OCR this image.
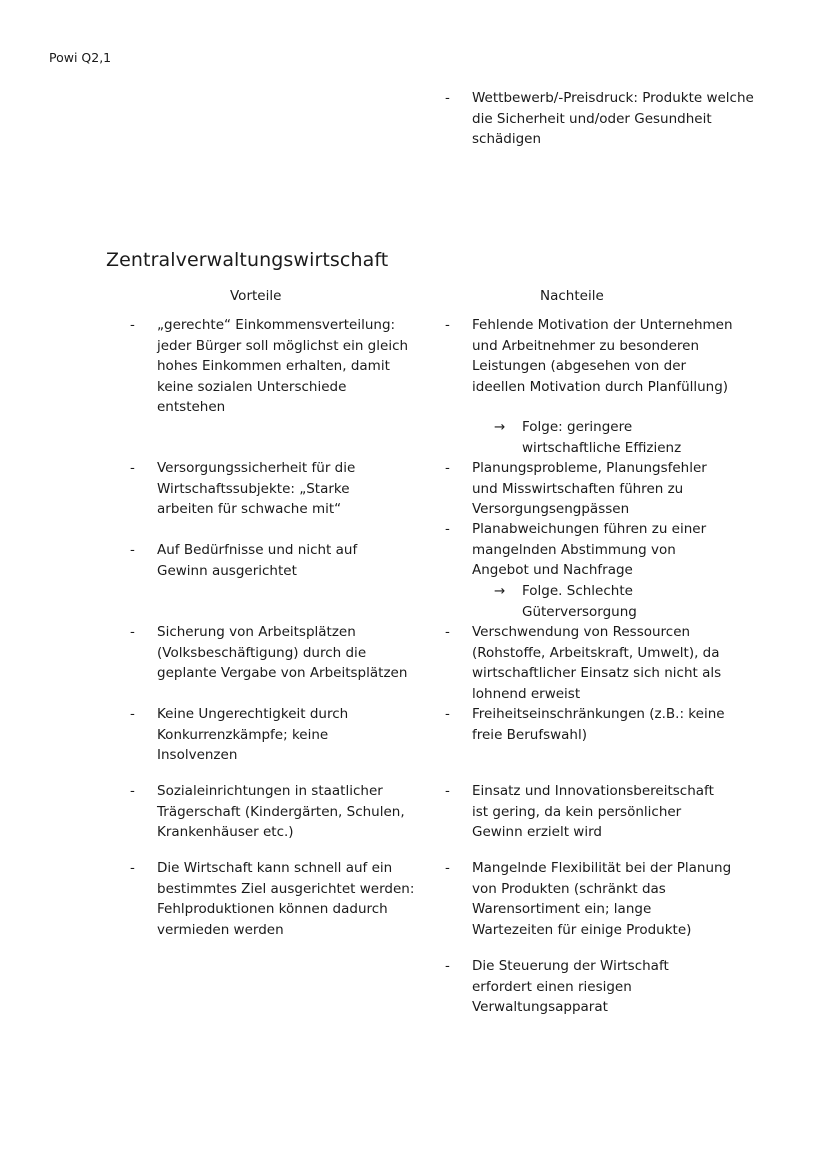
Powi Q2,1
- Wettbewerb/-Preisdruck: Produkte welche die Sicherheit und/oder Gesundheit schädigen
Zentralverwaltungswirtschaft
Vorteile	Nachteile
- „gerechte“ Einkommensverteilung: jeder Bürger soll möglichst ein gleich hohes Einkommen erhalten, damit keine sozialen Unterschiede entstehen
- Versorgungssicherheit für die Wirtschaftssubjekte: „Starke arbeiten für schwache mit“
- Auf Bedürfnisse und nicht auf Gewinn ausgerichtet
- Sicherung von Arbeitsplätzen (Volksbeschäftigung) durch die geplante Vergabe von Arbeitsplätzen
- Keine Ungerechtigkeit durch Konkurrenzkämpfe; keine Insolvenzen
- Sozialeinrichtungen in staatlicher Trägerschaft (Kindergärten, Schulen, Krankenhäuser etc.)
- Die Wirtschaft kann schnell auf ein bestimmtes Ziel ausgerichtet werden: Fehlproduktionen können dadurch vermieden werden
- Fehlende Motivation der Unternehmen und Arbeitnehmer zu besonderen Leistungen (abgesehen von der ideellen Motivation durch Planfüllung)
→ Folge: geringere wirtschaftliche Effizienz
- Planungsprobleme, Planungsfehler und Misswirtschaften führen zu Versorgungsengpässen
- Planabweichungen führen zu einer mangelnden Abstimmung von Angebot und Nachfrage
→ Folge. Schlechte Güterversorgung
- Verschwendung von Ressourcen (Rohstoffe, Arbeitskraft, Umwelt), da wirtschaftlicher Einsatz sich nicht als lohnend erweist
- Freiheitseinschränkungen (z.B.: keine freie Berufswahl)
- Einsatz und Innovationsbereitschaft ist gering, da kein persönlicher Gewinn erzielt wird
- Mangelnde Flexibilität bei der Planung von Produkten (schränkt das Warensortiment ein; lange Wartezeiten für einige Produkte)
- Die Steuerung der Wirtschaft erfordert einen riesigen Verwaltungsapparat
